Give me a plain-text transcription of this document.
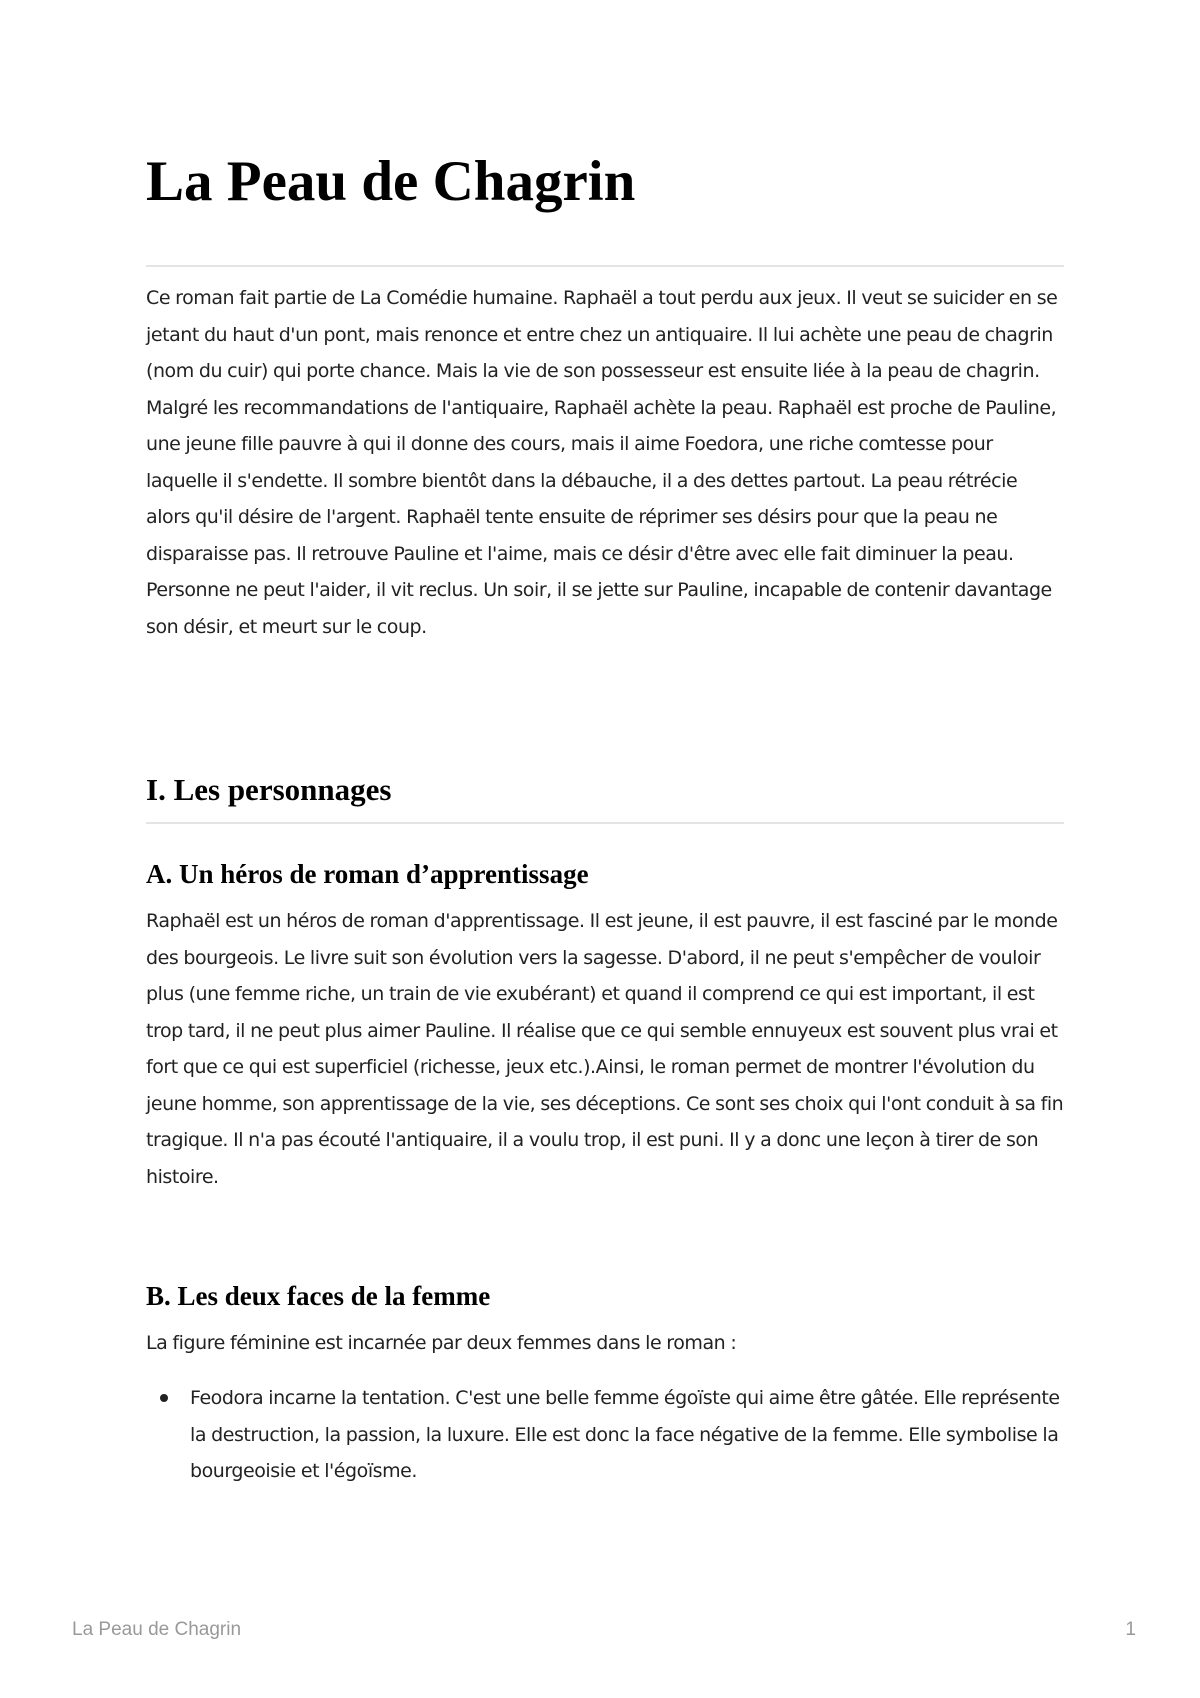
La Peau de Chagrin

Ce roman fait partie de La Comédie humaine. Raphaël a tout perdu aux jeux. Il veut se suicider en se jetant du haut d'un pont, mais renonce et entre chez un antiquaire. Il lui achète une peau de chagrin (nom du cuir) qui porte chance. Mais la vie de son possesseur est ensuite liée à la peau de chagrin. Malgré les recommandations de l'antiquaire, Raphaël achète la peau. Raphaël est proche de Pauline, une jeune fille pauvre à qui il donne des cours, mais il aime Foedora, une riche comtesse pour laquelle il s'endette. Il sombre bientôt dans la débauche, il a des dettes partout. La peau rétrécie alors qu'il désire de l'argent. Raphaël tente ensuite de réprimer ses désirs pour que la peau ne disparaisse pas. Il retrouve Pauline et l'aime, mais ce désir d'être avec elle fait diminuer la peau. Personne ne peut l'aider, il vit reclus. Un soir, il se jette sur Pauline, incapable de contenir davantage son désir, et meurt sur le coup.

I. Les personnages
A. Un héros de roman d’apprentissage

Raphaël est un héros de roman d'apprentissage. Il est jeune, il est pauvre, il est fasciné par le monde des bourgeois. Le livre suit son évolution vers la sagesse. D'abord, il ne peut s'empêcher de vouloir plus (une femme riche, un train de vie exubérant) et quand il comprend ce qui est important, il est trop tard, il ne peut plus aimer Pauline. Il réalise que ce qui semble ennuyeux est souvent plus vrai et fort que ce qui est superficiel (richesse, jeux etc.).Ainsi, le roman permet de montrer l'évolution du jeune homme, son apprentissage de la vie, ses déceptions. Ce sont ses choix qui l'ont conduit à sa fin tragique. Il n'a pas écouté l'antiquaire, il a voulu trop, il est puni. Il y a donc une leçon à tirer de son histoire.

B. Les deux faces de la femme

La figure féminine est incarnée par deux femmes dans le roman :

Feodora incarne la tentation. C'est une belle femme égoïste qui aime être gâtée. Elle représente la destruction, la passion, la luxure. Elle est donc la face négative de la femme. Elle symbolise la bourgeoisie et l'égoïsme.
La Peau de Chagrin	1
